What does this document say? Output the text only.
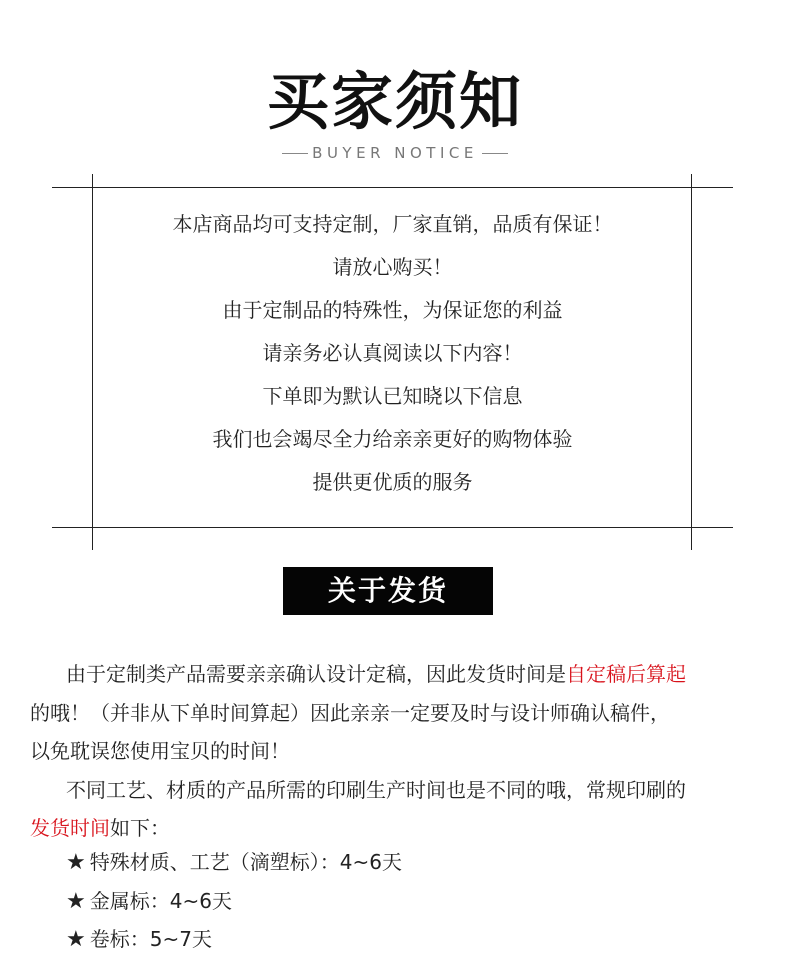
买家须知
BUYER NOTICE
本店商品均可支持定制，厂家直销，品质有保证！
请放心购买！
由于定制品的特殊性，为保证您的利益
请亲务必认真阅读以下内容！
下单即为默认已知晓以下信息
我们也会竭尽全力给亲亲更好的购物体验
提供更优质的服务
关于发货
由于定制类产品需要亲亲确认设计定稿，因此发货时间是自定稿后算起
的哦！（并非从下单时间算起）因此亲亲一定要及时与设计师确认稿件，
以免耽误您使用宝贝的时间！
不同工艺、材质的产品所需的印刷生产时间也是不同的哦，常规印刷的
发货时间如下：
★ 特殊材质、工艺（滴塑标）：4~6天
★ 金属标：4~6天
★ 卷标：5~7天
